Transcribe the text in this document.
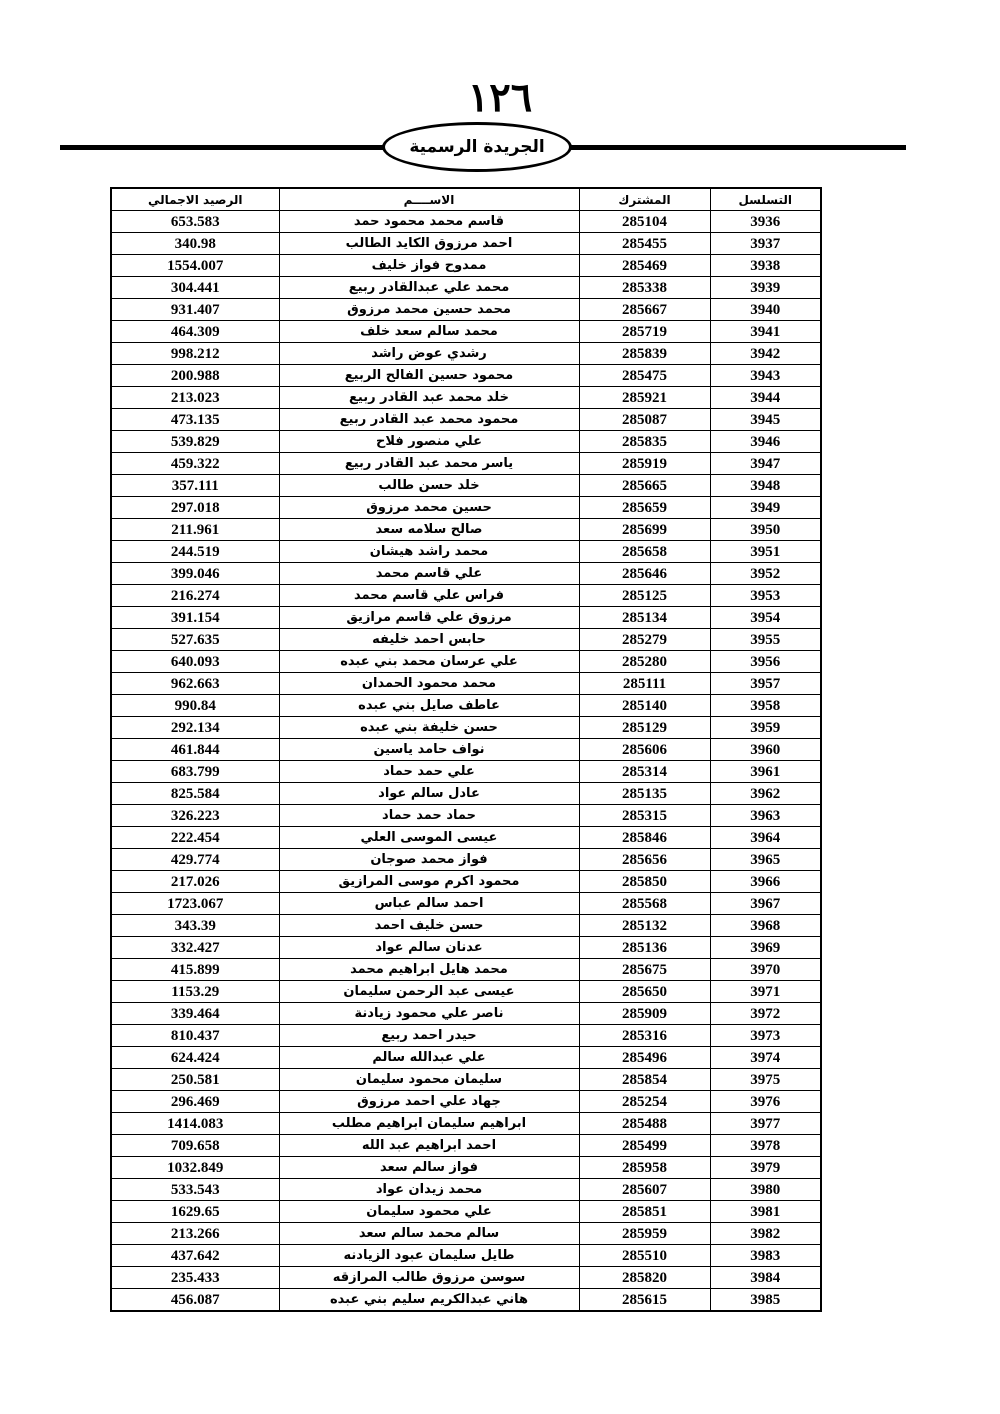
١٢٦
الجريدة الرسمية
الرصيد الاجمالي	الاســــم	المشترك	التسلسل
653.583	قاسم محمد محمود حمد	285104	3936
340.98	احمد مرزوق الكايد الطالب	285455	3937
1554.007	ممدوح فواز خليف	285469	3938
304.441	محمد علي عبدالقادر ربيع	285338	3939
931.407	محمد حسين محمد مرزوق	285667	3940
464.309	محمد سالم سعد خلف	285719	3941
998.212	رشدي عوض راشد	285839	3942
200.988	محمود حسين الفالح الربيع	285475	3943
213.023	خلد محمد عبد القادر ربيع	285921	3944
473.135	محمود محمد عبد القادر ربيع	285087	3945
539.829	علي منصور فلاح	285835	3946
459.322	ياسر محمد عبد القادر ربيع	285919	3947
357.111	خلد حسن طالب	285665	3948
297.018	حسين محمد مرزوق	285659	3949
211.961	صالح سلامه سعد	285699	3950
244.519	محمد راشد هيشان	285658	3951
399.046	علي قاسم محمد	285646	3952
216.274	فراس علي قاسم محمد	285125	3953
391.154	مرزوق علي قاسم مرازيق	285134	3954
527.635	حابس احمد خليفه	285279	3955
640.093	علي عرسان محمد بني عبده	285280	3956
962.663	محمد محمود الحمدان	285111	3957
990.84	عاطف صايل بني عبده	285140	3958
292.134	حسن خليفة بني عبده	285129	3959
461.844	نواف حامد ياسين	285606	3960
683.799	علي حمد حماد	285314	3961
825.584	عادل سالم عواد	285135	3962
326.223	حماد حمد حماد	285315	3963
222.454	عيسى الموسى العلي	285846	3964
429.774	فواز محمد صوجان	285656	3965
217.026	محمود اكرم موسى المرازيق	285850	3966
1723.067	احمد سالم عباس	285568	3967
343.39	حسن خليف احمد	285132	3968
332.427	عدنان سالم عواد	285136	3969
415.899	محمد هايل ابراهيم محمد	285675	3970
1153.29	عيسى عبد الرحمن سليمان	285650	3971
339.464	ناصر علي محمود زيادنة	285909	3972
810.437	حيدر احمد ربيع	285316	3973
624.424	علي عبدالله سالم	285496	3974
250.581	سليمان محمود سليمان	285854	3975
296.469	جهاد علي احمد مرزوق	285254	3976
1414.083	ابراهيم سليمان ابراهيم مطلب	285488	3977
709.658	احمد ابراهيم عبد الله	285499	3978
1032.849	فواز سالم سعد	285958	3979
533.543	محمد زيدان عواد	285607	3980
1629.65	علي محمود سليمان	285851	3981
213.266	سالم محمد سالم سعد	285959	3982
437.642	طايل سليمان عبود الزيادنه	285510	3983
235.433	سوسن مرزوق طالب المرازقه	285820	3984
456.087	هاني عبدالكريم سليم بني عبده	285615	3985
